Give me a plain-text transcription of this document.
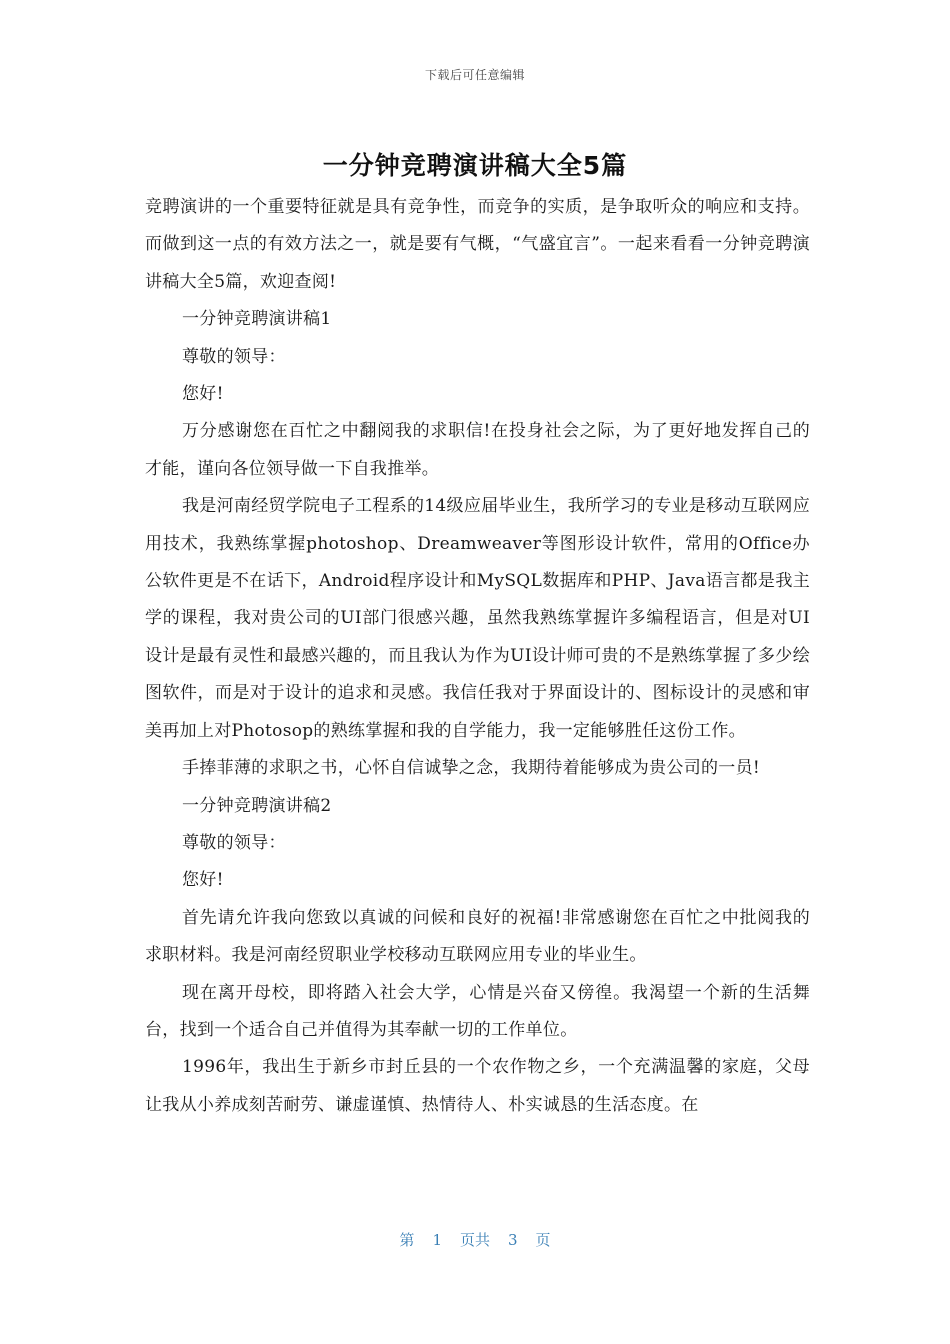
下载后可任意编辑
一分钟竞聘演讲稿大全5篇

竞聘演讲的一个重要特征就是具有竞争性，而竞争的实质，是争取听众的响应和支持。而做到这一点的有效方法之一，就是要有气概，“气盛宜言”。一起来看看一分钟竞聘演讲稿大全5篇，欢迎查阅!

一分钟竞聘演讲稿1

尊敬的领导：

您好!

万分感谢您在百忙之中翻阅我的求职信!在投身社会之际，为了更好地发挥自己的才能，谨向各位领导做一下自我推举。

我是河南经贸学院电子工程系的14级应届毕业生，我所学习的专业是移动互联网应用技术，我熟练掌握photoshop、Dreamweaver等图形设计软件，常用的Office办公软件更是不在话下，Android程序设计和MySQL数据库和PHP、Java语言都是我主学的课程，我对贵公司的UI部门很感兴趣，虽然我熟练掌握许多编程语言，但是对UI设计是最有灵性和最感兴趣的，而且我认为作为UI设计师可贵的不是熟练掌握了多少绘图软件，而是对于设计的追求和灵感。我信任我对于界面设计的、图标设计的灵感和审美再加上对Photosop的熟练掌握和我的自学能力，我一定能够胜任这份工作。

手捧菲薄的求职之书，心怀自信诚挚之念，我期待着能够成为贵公司的一员!

一分钟竞聘演讲稿2

尊敬的领导：

您好!

首先请允许我向您致以真诚的问候和良好的祝福!非常感谢您在百忙之中批阅我的求职材料。我是河南经贸职业学校移动互联网应用专业的毕业生。

现在离开母校，即将踏入社会大学，心情是兴奋又傍徨。我渴望一个新的生活舞台，找到一个适合自己并值得为其奉献一切的工作单位。

1996年，我出生于新乡市封丘县的一个农作物之乡，一个充满温馨的家庭，父母让我从小养成刻苦耐劳、谦虚谨慎、热情待人、朴实诚恳的生活态度。在

第 1 页共 3 页
